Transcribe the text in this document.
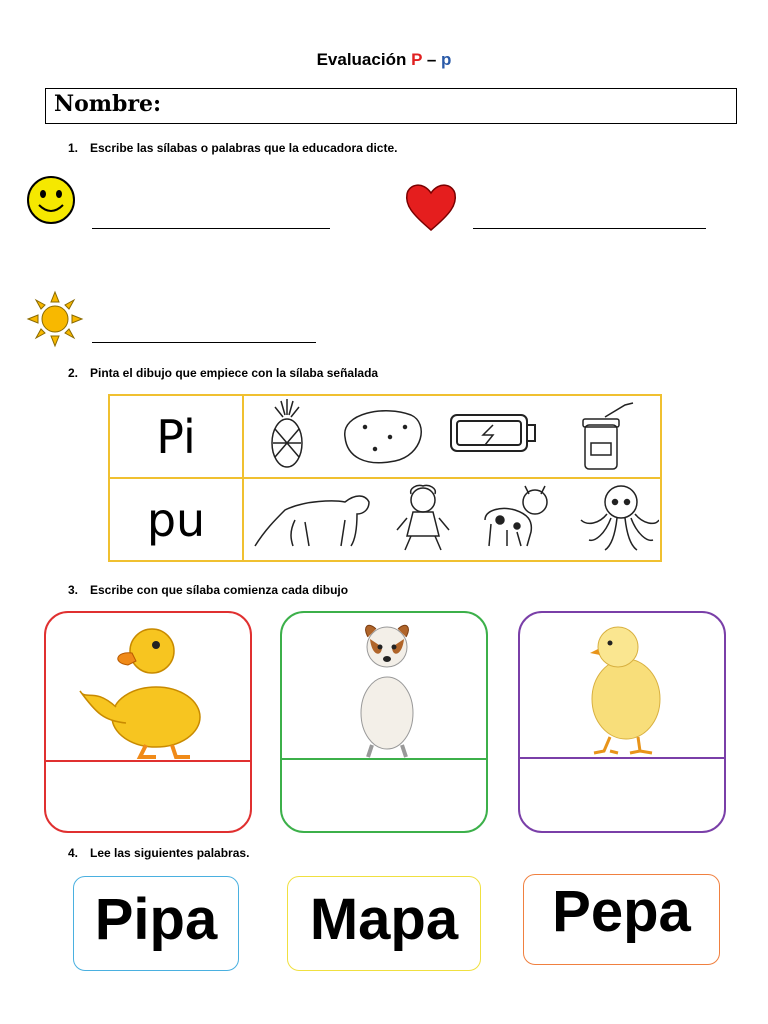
Evaluación P – p
Nombre:
1. Escribe las sílabas o palabras que la educadora dicte.
2. Pinta el dibujo que empiece con la sílaba señalada
Pi	
pu	
3. Escribe con que sílaba comienza cada dibujo
4. Lee las siguientes palabras.
Pipa	Mapa	Pepa
